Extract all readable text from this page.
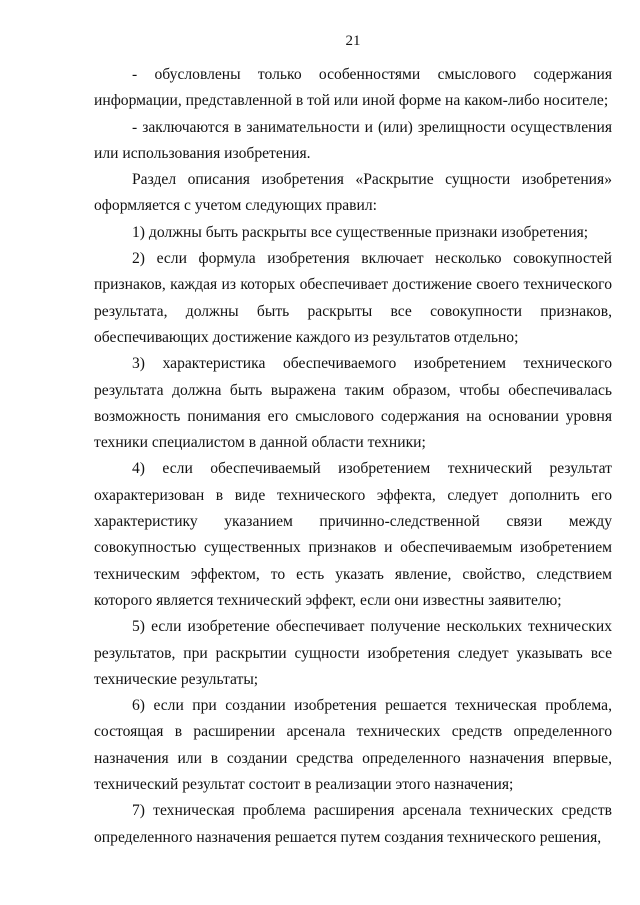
21

- обусловлены только особенностями смыслового содержания информации, представленной в той или иной форме на каком-либо носителе;

- заключаются в занимательности и (или) зрелищности осуществления или использования изобретения.

Раздел описания изобретения «Раскрытие сущности изобретения» оформляется с учетом следующих правил:

1) должны быть раскрыты все существенные признаки изобретения;

2) если формула изобретения включает несколько совокупностей признаков, каждая из которых обеспечивает достижение своего технического результата, должны быть раскрыты все совокупности признаков, обеспечивающих достижение каждого из результатов отдельно;

3) характеристика обеспечиваемого изобретением технического результата должна быть выражена таким образом, чтобы обеспечивалась возможность понимания его смыслового содержания на основании уровня техники специалистом в данной области техники;

4) если обеспечиваемый изобретением технический результат охарактеризован в виде технического эффекта, следует дополнить его характеристику указанием причинно-следственной связи между совокупностью существенных признаков и обеспечиваемым изобретением техническим эффектом, то есть указать явление, свойство, следствием которого является технический эффект, если они известны заявителю;

5) если изобретение обеспечивает получение нескольких технических результатов, при раскрытии сущности изобретения следует указывать все технические результаты;

6) если при создании изобретения решается техническая проблема, состоящая в расширении арсенала технических средств определенного назначения или в создании средства определенного назначения впервые, технический результат состоит в реализации этого назначения;

7) техническая проблема расширения арсенала технических средств определенного назначения решается путем создания технического решения,
